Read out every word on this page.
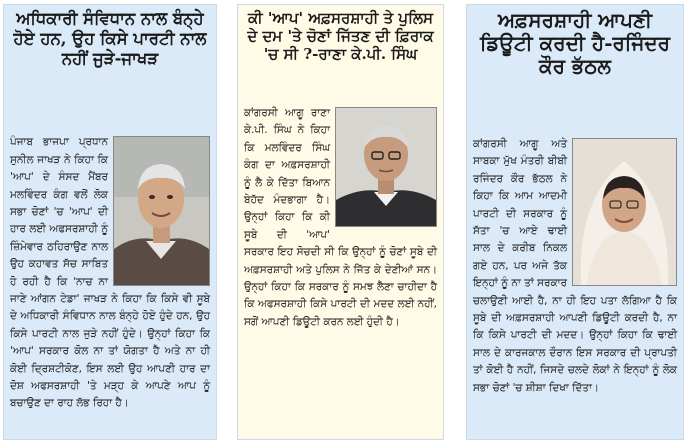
ਅਧਿਕਾਰੀ ਸੰਵਿਧਾਨ ਨਾਲ ਬੰਨ੍ਹੇ ਹੋਏ ਹਨ, ਉਹ ਕਿਸੇ ਪਾਰਟੀ ਨਾਲ ਨਹੀਂ ਜੁੜੇ-ਜਾਖੜ

ਪੰਜਾਬ ਭਾਜਪਾ ਪ੍ਰਧਾਨ ਸੁਨੀਲ ਜਾਖੜ ਨੇ ਕਿਹਾ ਕਿ 'ਆਪ' ਦੇ ਸੰਸਦ ਮੈਂਬਰ ਮਲਵਿੰਦਰ ਕੰਗ ਵਲੋਂ ਲੋਕ ਸਭਾ ਚੋਣਾਂ 'ਚ 'ਆਪ' ਦੀ ਹਾਰ ਲਈ ਅਫਸਰਸ਼ਾਹੀ ਨੂੰ ਜ਼ਿੰਮੇਵਾਰ ਠਹਿਰਾਉਣ ਨਾਲ ਉਹ ਕਹਾਵਤ ਸੱਚ ਸਾਬਿਤ ਹੋ ਰਹੀ ਹੈ ਕਿ 'ਨਾਚ ਨਾ ਜਾਣੇ ਆਂਗਨ ਟੇਡਾ' ਜਾਖੜ ਨੇ ਕਿਹਾ ਕਿ ਕਿਸੇ ਵੀ ਸੂਬੇ ਦੇ ਅਧਿਕਾਰੀ ਸੰਵਿਧਾਨ ਨਾਲ ਬੰਨ੍ਹੇ ਹੋਏ ਹੁੰਦੇ ਹਨ, ਉਹ ਕਿਸੇ ਪਾਰਟੀ ਨਾਲ ਜੁੜੇ ਨਹੀਂ ਹੁੰਦੇ। ਉਨ੍ਹਾਂ ਕਿਹਾ ਕਿ 'ਆਪ' ਸਰਕਾਰ ਕੋਲ ਨਾ ਤਾਂ ਯੋਗਤਾ ਹੈ ਅਤੇ ਨਾ ਹੀ ਕੋਈ ਦ੍ਰਿਸ਼ਟੀਕੋਣ, ਇਸ ਲਈ ਉਹ ਆਪਣੀ ਹਾਰ ਦਾ ਦੋਸ਼ ਅਫਸਰਸ਼ਾਹੀ 'ਤੇ ਮੜ੍ਹ ਕੇ ਆਪਣੇ ਆਪ ਨੂੰ ਬਚਾਉਣ ਦਾ ਰਾਹ ਲੱਭ ਰਿਹਾ ਹੈ।

ਕੀ 'ਆਪ' ਅਫ਼ਸਰਸ਼ਾਹੀ ਤੇ ਪੁਲਿਸ ਦੇ ਦਮ 'ਤੇ ਚੋਣਾਂ ਜਿੱਤਣ ਦੀ ਫ਼ਿਰਾਕ 'ਚ ਸੀ ?-ਰਾਣਾ ਕੇ.ਪੀ. ਸਿੰਘ

ਕਾਂਗਰਸੀ ਆਗੂ ਰਾਣਾ ਕੇ.ਪੀ. ਸਿੰਘ ਨੇ ਕਿਹਾ ਕਿ ਮਲਵਿੰਦਰ ਸਿੰਘ ਕੰਗ ਦਾ ਅਫ਼ਸਰਸ਼ਾਹੀ ਨੂੰ ਲੈ ਕੇ ਦਿੱਤਾ ਬਿਆਨ ਬੇਹੱਦ ਮੰਦਭਾਗਾ ਹੈ। ਉਨ੍ਹਾਂ ਕਿਹਾ ਕਿ ਕੀ ਸੂਬੇ ਦੀ 'ਆਪ' ਸਰਕਾਰ ਇਹ ਸੋਚਦੀ ਸੀ ਕਿ ਉਨ੍ਹਾਂ ਨੂੰ ਚੋਣਾਂ ਸੂਬੇ ਦੀ ਅਫ਼ਸਰਸ਼ਾਹੀ ਅਤੇ ਪੁਲਿਸ ਨੇ ਜਿੱਤ ਕੇ ਦੇਣੀਆਂ ਸਨ। ਉਨ੍ਹਾਂ ਕਿਹਾ ਕਿ ਸਰਕਾਰ ਨੂੰ ਸਮਝ ਲੈਣਾ ਚਾਹੀਦਾ ਹੈ ਕਿ ਅਫਸਰਸ਼ਾਹੀ ਕਿਸੇ ਪਾਰਟੀ ਦੀ ਮਦਦ ਲਈ ਨਹੀਂ, ਸਗੋਂ ਆਪਣੀ ਡਿਊਟੀ ਕਰਨ ਲਈ ਹੁੰਦੀ ਹੈ।

ਅਫ਼ਸਰਸ਼ਾਹੀ ਆਪਣੀ ਡਿਊਟੀ ਕਰਦੀ ਹੈ-ਰਜਿੰਦਰ ਕੌਰ ਭੱਠਲ

ਕਾਂਗਰਸੀ ਆਗੂ ਅਤੇ ਸਾਬਕਾ ਮੁੱਖ ਮੰਤਰੀ ਬੀਬੀ ਰਜਿੰਦਰ ਕੌਰ ਭੱਠਲ ਨੇ ਕਿਹਾ ਕਿ ਆਮ ਆਦਮੀ ਪਾਰਟੀ ਦੀ ਸਰਕਾਰ ਨੂੰ ਸੱਤਾ 'ਚ ਆਏ ਢਾਈ ਸਾਲ ਦੇ ਕਰੀਬ ਨਿਕਲ ਗਏ ਹਨ, ਪਰ ਅਜੇ ਤੱਕ ਇਨ੍ਹਾਂ ਨੂੰ ਨਾ ਤਾਂ ਸਰਕਾਰ ਚਲਾਉਣੀ ਆਈ ਹੈ, ਨਾ ਹੀ ਇਹ ਪਤਾ ਲੱਗਿਆ ਹੈ ਕਿ ਸੂਬੇ ਦੀ ਅਫ਼ਸਰਸ਼ਾਹੀ ਆਪਣੀ ਡਿਊਟੀ ਕਰਦੀ ਹੈ, ਨਾ ਕਿ ਕਿਸੇ ਪਾਰਟੀ ਦੀ ਮਦਦ। ਉਨ੍ਹਾਂ ਕਿਹਾ ਕਿ ਢਾਈ ਸਾਲ ਦੇ ਕਾਰਜਕਾਲ ਦੌਰਾਨ ਇਸ ਸਰਕਾਰ ਦੀ ਪ੍ਰਾਪਤੀ ਤਾਂ ਕੋਈ ਹੈ ਨਹੀਂ, ਜਿਸਦੇ ਚਲਦੇ ਲੋਕਾਂ ਨੇ ਇਨ੍ਹਾਂ ਨੂੰ ਲੋਕ ਸਭਾ ਚੋਣਾਂ 'ਚ ਸ਼ੀਸ਼ਾ ਦਿਖਾ ਦਿੱਤਾ।
